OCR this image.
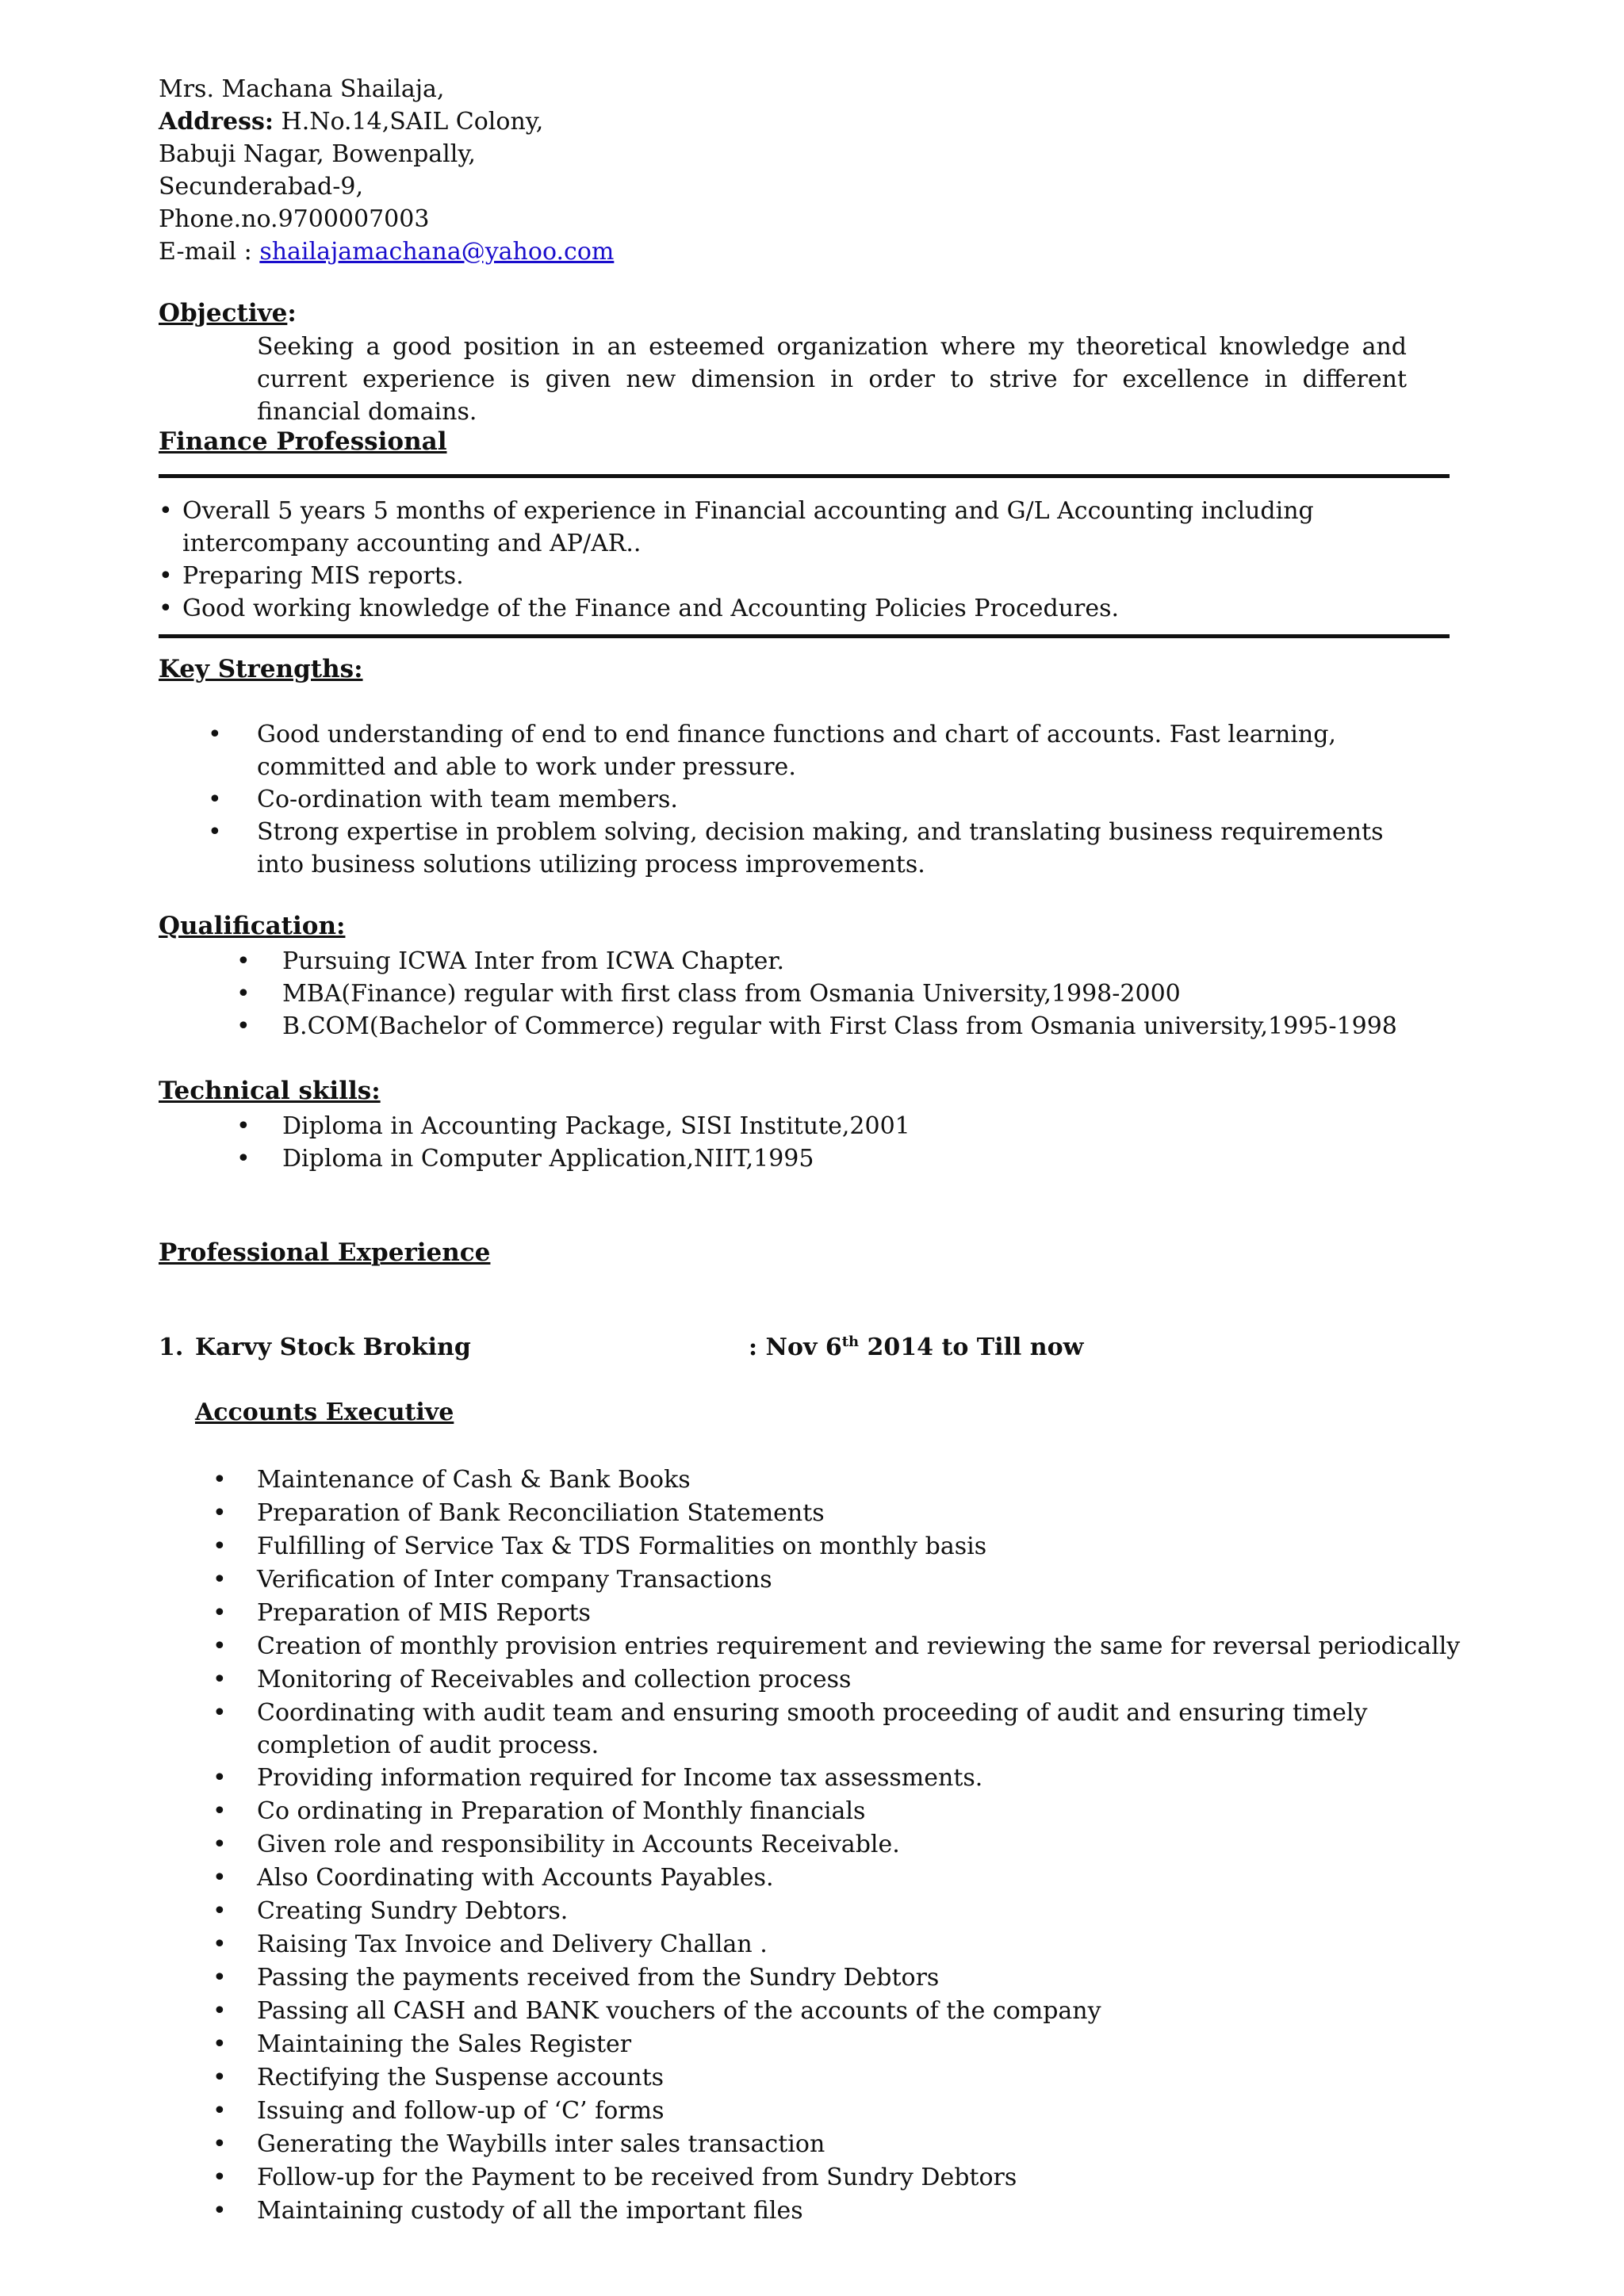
Mrs. Machana Shailaja,
Address: H.No.14,SAIL Colony,
Babuji Nagar, Bowenpally,
Secunderabad-9,
Phone.no.9700007003
E-mail : shailajamachana@yahoo.com
Objective:
Seeking a good position in an esteemed organization where my theoretical knowledge and current experience is given new dimension in order to strive for excellence in different financial domains.
Finance Professional
• Overall 5 years 5 months of experience in Financial accounting and G/L Accounting including intercompany accounting and AP/AR..
• Preparing MIS reports.
• Good working knowledge of the Finance and Accounting Policies Procedures.
Key Strengths:
• Good understanding of end to end finance functions and chart of accounts. Fast learning, committed and able to work under pressure.
• Co-ordination with team members.
• Strong expertise in problem solving, decision making, and translating business requirements into business solutions utilizing process improvements.
Qualification:
• Pursuing ICWA Inter from ICWA Chapter.
• MBA(Finance) regular with first class from Osmania University,1998-2000
• B.COM(Bachelor of Commerce) regular with First Class from Osmania university,1995-1998
Technical skills:
• Diploma in Accounting Package, SISI Institute,2001
• Diploma in Computer Application,NIIT,1995
Professional Experience
1. Karvy Stock Broking	: Nov 6th 2014 to Till now
Accounts Executive
• Maintenance of Cash & Bank Books
• Preparation of Bank Reconciliation Statements
• Fulfilling of Service Tax & TDS Formalities on monthly basis
• Verification of Inter company Transactions
• Preparation of MIS Reports
• Creation of monthly provision entries requirement and reviewing the same for reversal periodically
• Monitoring of Receivables and collection process
• Coordinating with audit team and ensuring smooth proceeding of audit and ensuring timely completion of audit process.
• Providing information required for Income tax assessments.
• Co ordinating in Preparation of Monthly financials
• Given role and responsibility in Accounts Receivable.
• Also Coordinating with Accounts Payables.
• Creating Sundry Debtors.
• Raising Tax Invoice and Delivery Challan .
• Passing the payments received from the Sundry Debtors
• Passing all CASH and BANK vouchers of the accounts of the company
• Maintaining the Sales Register
• Rectifying the Suspense accounts
• Issuing and follow-up of ‘C’ forms
• Generating the Waybills inter sales transaction
• Follow-up for the Payment to be received from Sundry Debtors
• Maintaining custody of all the important files
